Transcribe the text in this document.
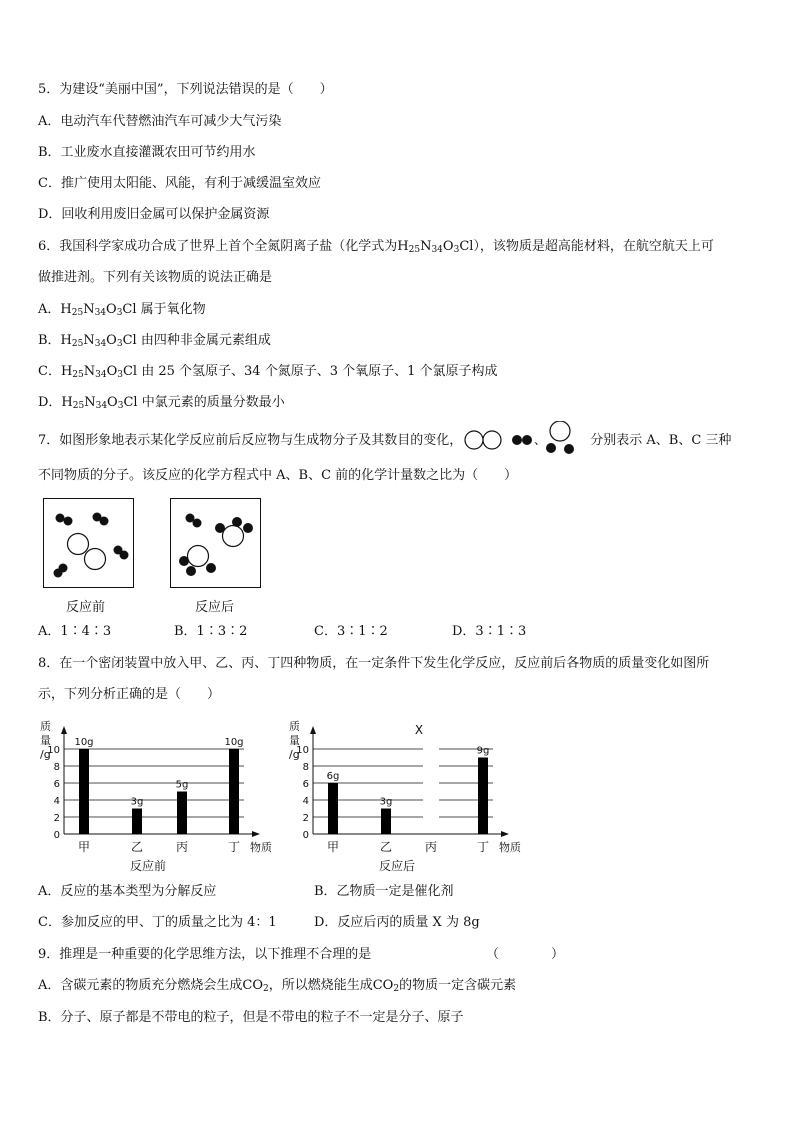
5．为建设“美丽中国”，下列说法错误的是（　　）
A．电动汽车代替燃油汽车可减少大气污染
B．工业废水直接灌溉农田可节约用水
C．推广使用太阳能、风能，有利于减缓温室效应
D．回收利用废旧金属可以保护金属资源
6．我国科学家成功合成了世界上首个全氮阴离子盐（化学式为$H_{25}N_{34}O_3Cl$），该物质是超高能材料，在航空航天上可
做推进剂。下列有关该物质的说法正确是
A．$H_{25}N_{34}O_3Cl$ 属于氧化物
B．$H_{25}N_{34}O_3Cl$ 由四种非金属元素组成
C．$H_{25}N_{34}O_3Cl$ 由 25 个氢原子、34 个氮原子、3 个氧原子、1 个氯原子构成
D．$H_{25}N_{34}O_3Cl$ 中氯元素的质量分数最小
7．如图形象地表示某化学反应前后反应物与生成物分子及其数目的变化，	、	分别表示 A、B、C 三种
不同物质的分子。该反应的化学方程式中 A、B、C 前的化学计量数之比为（　　）
反应前	反应后
A．1∶4∶3	B．1∶3∶2	C．3∶1∶2	D．3∶1∶3
8．在一个密闭装置中放入甲、乙、丙、丁四种物质，在一定条件下发生化学反应，反应前后各物质的质量变化如图所
示，下列分析正确的是（　　）
质
量
/g
0
2
4
6
8
10
物质
10g
甲
3g
乙
5g
丙
10g
丁
反应前
质
量
/g
0
2
4
6
8
10
物质
6g
甲
3g
乙
X
丙
9g
丁
反应后
A．反应的基本类型为分解反应	B．乙物质一定是催化剂
C．参加反应的甲、丁的质量之比为 4：1	D．反应后丙的质量 X 为 8g
9．推理是一种重要的化学思维方法，以下推理不合理的是	（　　　　）
A．含碳元素的物质充分燃烧会生成$CO_2$，所以燃烧能生成$CO_2$的物质一定含碳元素
B．分子、原子都是不带电的粒子，但是不带电的粒子不一定是分子、原子
